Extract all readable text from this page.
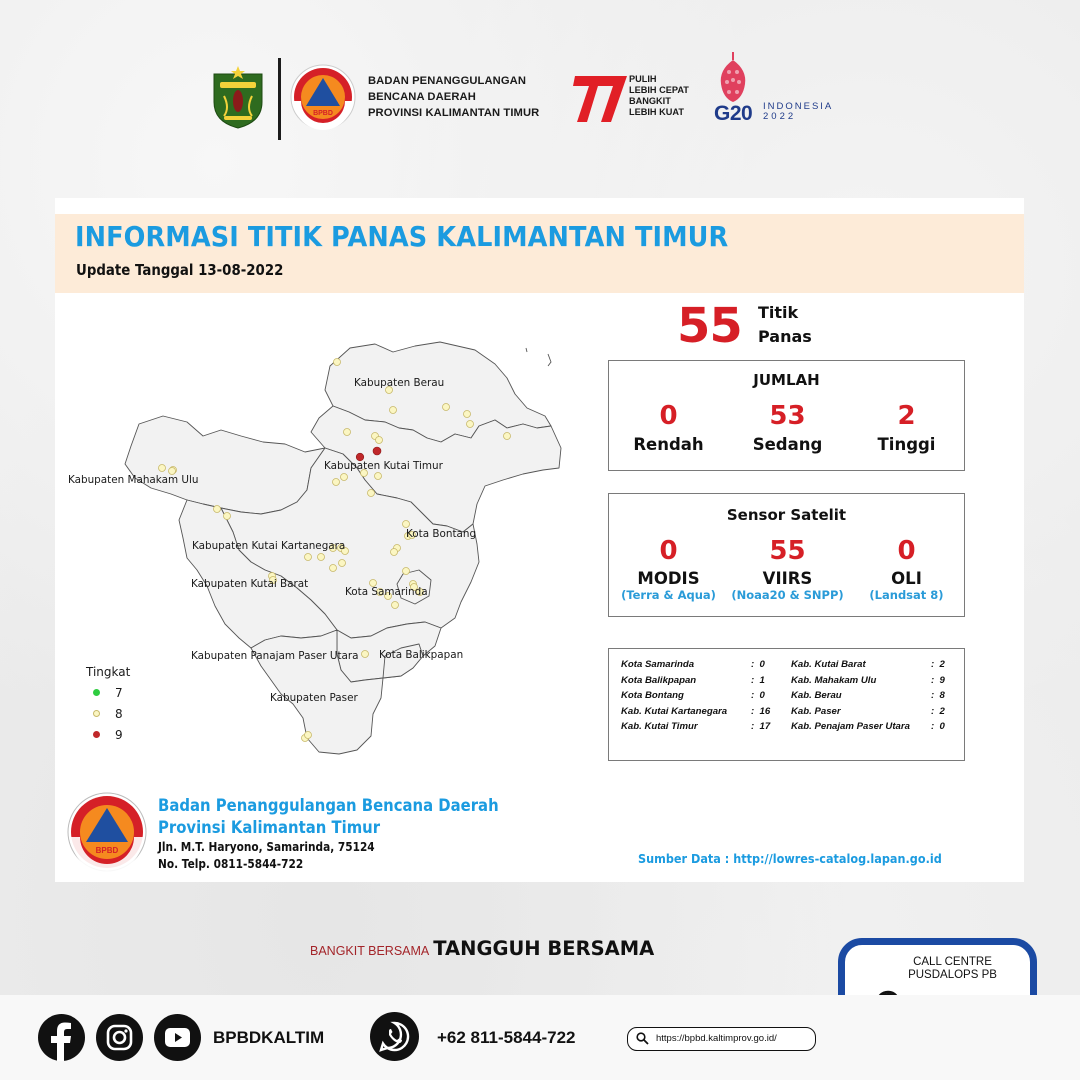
BPBD
BADAN PENANGGULANGAN
BENCANA DAERAH
PROVINSI KALIMANTAN TIMUR
PULIH
LEBIH CEPAT
BANGKIT
LEBIH KUAT G20 INDONESIA
2022
INFORMASI TITIK PANAS KALIMANTAN TIMUR
Update Tanggal 13-08-2022
Kabupaten Berau
Kabupaten Kutai Timur
Kabupaten Mahakam Ulu
Kota Bontang
Kabupaten Kutai Kartanegara
Kabupaten Kutai Barat
Kota Samarinda
Kabupaten Panajam Paser Utara Kota Balikpapan
Kabupaten Paser
Tingkat
7
8
9
55 Titik
Panas
JUMLAH
0
Rendah
53
Sedang
2
Tinggi
Sensor Satelit
0
MODIS
(Terra & Aqua)
55
VIIRS
(Noaa20 & SNPP)
0
OLI
(Landsat 8)
Kota Samarinda	: 0
Kota Balikpapan	: 1
Kota Bontang	: 0
Kab. Kutai Kartanegara	: 16
Kab. Kutai Timur	: 17
Kab. Kutai Barat	: 2
Kab. Mahakam Ulu	: 9
Kab. Berau	: 8
Kab. Paser	: 2
Kab. Penajam Paser Utara	: 0
BPBD
Badan Penanggulangan Bencana Daerah
Provinsi Kalimantan Timur
Jln. M.T. Haryono, Samarinda, 75124
No. Telp. 0811-5844-722	Sumber Data : http://lowres-catalog.lapan.go.id
BANGKIT BERSAMA TANGGUH BERSAMA
CALL CENTRE
PUSDALOPS PB
BPBDKALTIM	+62 811-5844-722	https://bpbd.kaltimprov.go.id/
